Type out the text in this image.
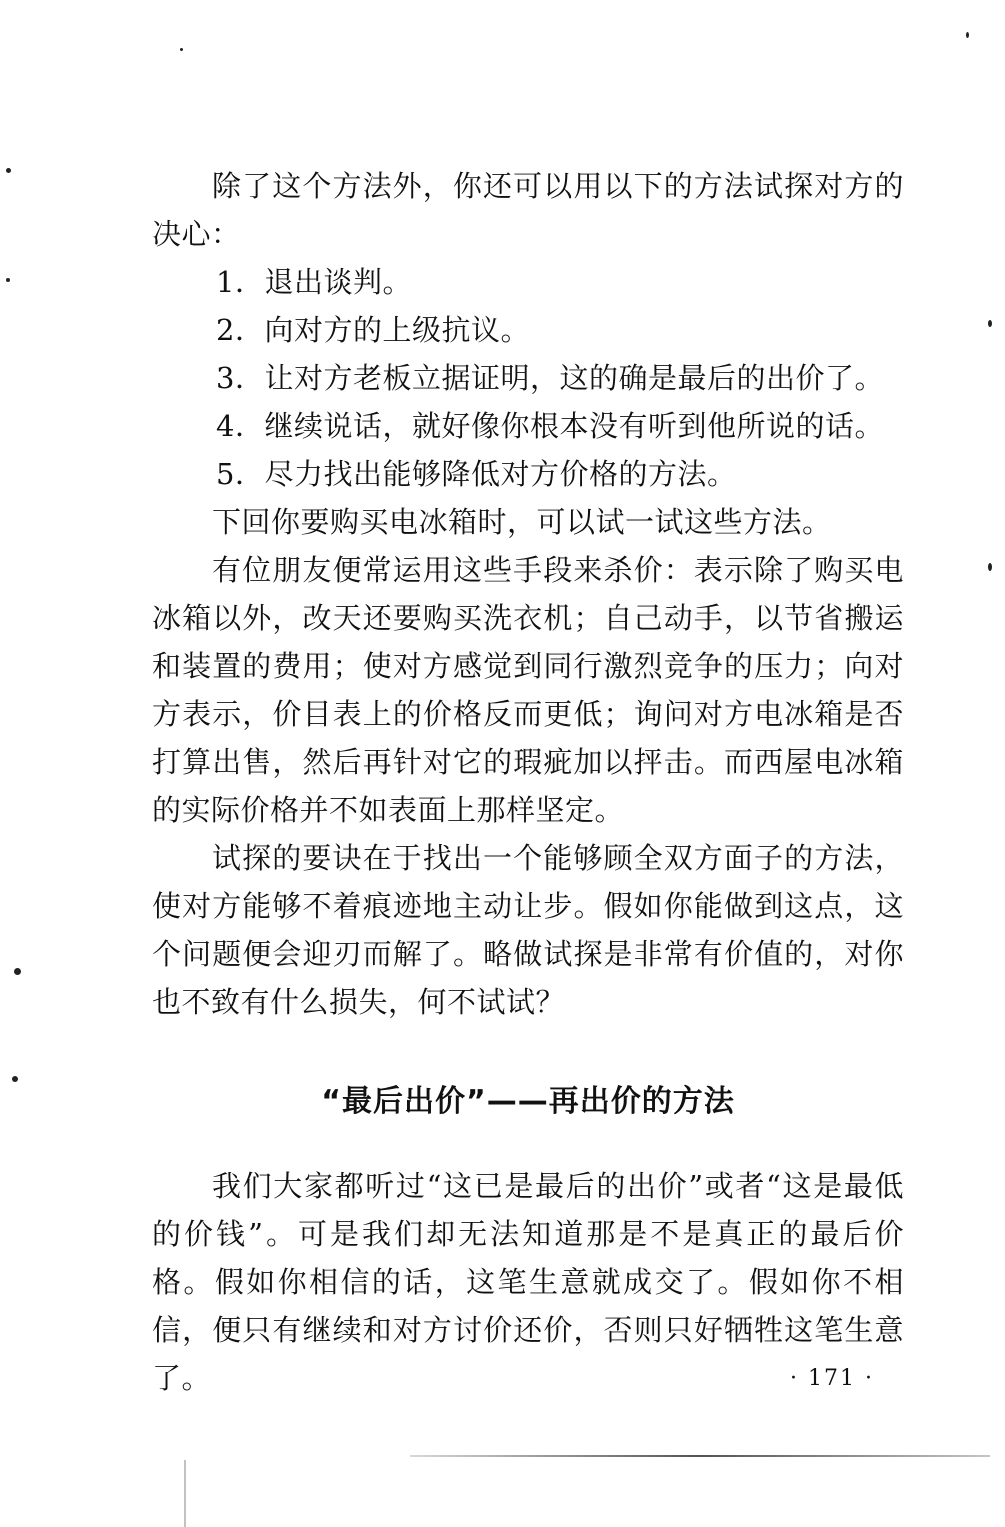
除了这个方法外，你还可以用以下的方法试探对方的决心：

1．退出谈判。

2．向对方的上级抗议。

3．让对方老板立据证明，这的确是最后的出价了。

4．继续说话，就好像你根本没有听到他所说的话。

5．尽力找出能够降低对方价格的方法。

下回你要购买电冰箱时，可以试一试这些方法。

有位朋友便常运用这些手段来杀价：表示除了购买电冰箱以外，改天还要购买洗衣机；自己动手，以节省搬运和装置的费用；使对方感觉到同行激烈竞争的压力；向对方表示，价目表上的价格反而更低；询问对方电冰箱是否打算出售，然后再针对它的瑕疵加以抨击。而西屋电冰箱的实际价格并不如表面上那样坚定。

试探的要诀在于找出一个能够顾全双方面子的方法，使对方能够不着痕迹地主动让步。假如你能做到这点，这个问题便会迎刃而解了。略做试探是非常有价值的，对你也不致有什么损失，何不试试？

“最后出价”——再出价的方法

我们大家都听过“这已是最后的出价”或者“这是最低的价钱”。可是我们却无法知道那是不是真正的最后价格。假如你相信的话，这笔生意就成交了。假如你不相信，便只有继续和对方讨价还价，否则只好牺牲这笔生意了。	· 171 ·
